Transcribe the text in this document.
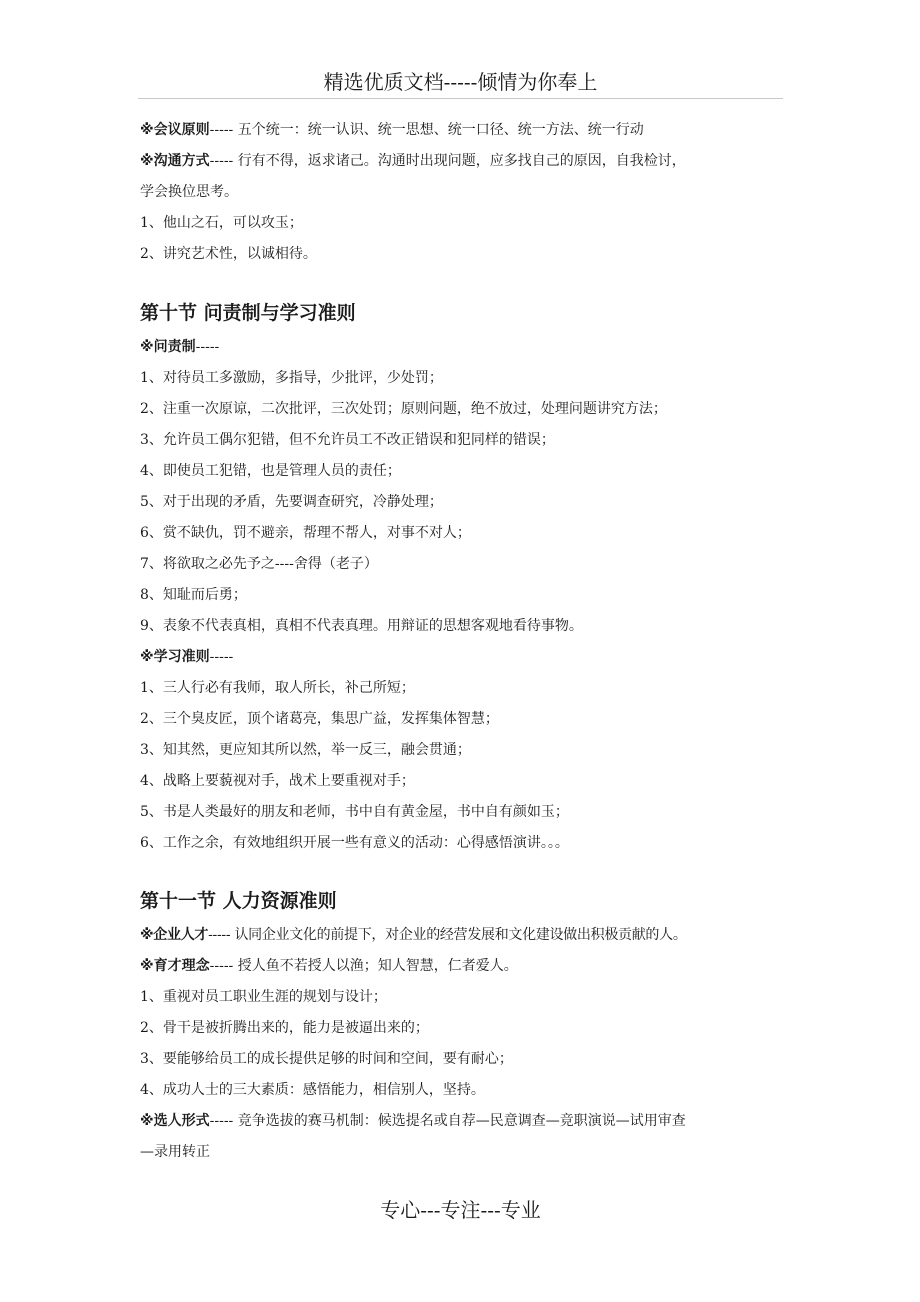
精选优质文档-----倾情为你奉上
※会议原则----- 五个统一：统一认识、统一思想、统一口径、统一方法、统一行动
※沟通方式----- 行有不得，返求诸己。沟通时出现问题，应多找自己的原因，自我检讨，
学会换位思考。
1、他山之石，可以攻玉；
2、讲究艺术性，以诚相待。
第十节 问责制与学习准则
※问责制-----
1、对待员工多激励，多指导，少批评，少处罚；
2、注重一次原谅，二次批评，三次处罚；原则问题，绝不放过，处理问题讲究方法；
3、允许员工偶尔犯错，但不允许员工不改正错误和犯同样的错误；
4、即使员工犯错，也是管理人员的责任；
5、对于出现的矛盾，先要调查研究，冷静处理；
6、赏不缺仇，罚不避亲，帮理不帮人，对事不对人；
7、将欲取之必先予之----舍得（老子）
8、知耻而后勇；
9、表象不代表真相，真相不代表真理。用辩证的思想客观地看待事物。
※学习准则-----
1、三人行必有我师，取人所长，补己所短；
2、三个臭皮匠，顶个诸葛亮，集思广益，发挥集体智慧；
3、知其然，更应知其所以然，举一反三，融会贯通；
4、战略上要藐视对手，战术上要重视对手；
5、书是人类最好的朋友和老师，书中自有黄金屋，书中自有颜如玉；
6、工作之余，有效地组织开展一些有意义的活动：心得感悟演讲。。。
第十一节 人力资源准则
※企业人才----- 认同企业文化的前提下，对企业的经营发展和文化建设做出积极贡献的人。
※育才理念----- 授人鱼不若授人以渔；知人智慧，仁者爱人。
1、重视对员工职业生涯的规划与设计；
2、骨干是被折腾出来的，能力是被逼出来的；
3、要能够给员工的成长提供足够的时间和空间，要有耐心；
4、成功人士的三大素质：感悟能力，相信别人，坚持。
※选人形式----- 竞争选拔的赛马机制：候选提名或自荐—民意调查—竞职演说—试用审查
—录用转正
专心---专注---专业
